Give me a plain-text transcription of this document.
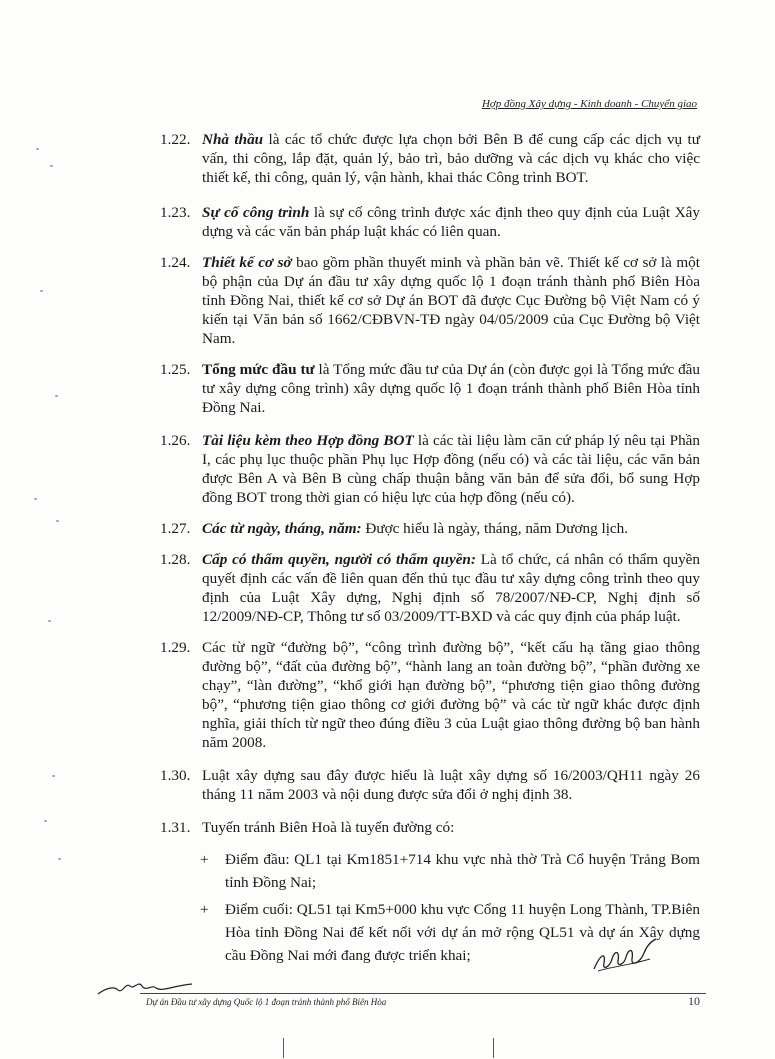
Hợp đồng Xây dựng - Kinh doanh - Chuyển giao
1.22. Nhà thầu là các tổ chức được lựa chọn bởi Bên B để cung cấp các dịch vụ tư vấn, thi công, lắp đặt, quản lý, bảo trì, bảo dưỡng và các dịch vụ khác cho việc thiết kế, thi công, quản lý, vận hành, khai thác Công trình BOT.
1.23. Sự cố công trình là sự cố công trình được xác định theo quy định của Luật Xây dựng và các văn bản pháp luật khác có liên quan.
1.24. Thiết kế cơ sở bao gồm phần thuyết minh và phần bản vẽ. Thiết kế cơ sở là một bộ phận của Dự án đầu tư xây dựng quốc lộ 1 đoạn tránh thành phố Biên Hòa tỉnh Đồng Nai, thiết kế cơ sở Dự án BOT đã được Cục Đường bộ Việt Nam có ý kiến tại Văn bản số 1662/CĐBVN-TĐ ngày 04/05/2009 của Cục Đường bộ Việt Nam.
1.25. Tổng mức đầu tư là Tổng mức đầu tư của Dự án (còn được gọi là Tổng mức đầu tư xây dựng công trình) xây dựng quốc lộ 1 đoạn tránh thành phố Biên Hòa tỉnh Đồng Nai.
1.26. Tài liệu kèm theo Hợp đồng BOT là các tài liệu làm căn cứ pháp lý nêu tại Phần I, các phụ lục thuộc phần Phụ lục Hợp đồng (nếu có) và các tài liệu, các văn bản được Bên A và Bên B cùng chấp thuận bằng văn bản để sửa đổi, bổ sung Hợp đồng BOT trong thời gian có hiệu lực của hợp đồng (nếu có).
1.27. Các từ ngày, tháng, năm: Được hiểu là ngày, tháng, năm Dương lịch.
1.28. Cấp có thẩm quyền, người có thẩm quyền: Là tổ chức, cá nhân có thẩm quyền quyết định các vấn đề liên quan đến thủ tục đầu tư xây dựng công trình theo quy định của Luật Xây dựng, Nghị định số 78/2007/NĐ-CP, Nghị định số 12/2009/NĐ-CP, Thông tư số 03/2009/TT-BXD và các quy định của pháp luật.
1.29. Các từ ngữ “đường bộ”, “công trình đường bộ”, “kết cấu hạ tầng giao thông đường bộ”, “đất của đường bộ”, “hành lang an toàn đường bộ”, “phần đường xe chạy”, “làn đường”, “khổ giới hạn đường bộ”, “phương tiện giao thông đường bộ”, “phương tiện giao thông cơ giới đường bộ” và các từ ngữ khác được định nghĩa, giải thích từ ngữ theo đúng điều 3 của Luật giao thông đường bộ ban hành năm 2008.
1.30. Luật xây dựng sau đây được hiểu là luật xây dựng số 16/2003/QH11 ngày 26 tháng 11 năm 2003 và nội dung được sửa đổi ở nghị định 38.
1.31. Tuyến tránh Biên Hoà là tuyến đường có:
+ Điểm đầu: QL1 tại Km1851+714 khu vực nhà thờ Trà Cổ huyện Trảng Bom tỉnh Đồng Nai;
+ Điểm cuối: QL51 tại Km5+000 khu vực Cổng 11 huyện Long Thành, TP.Biên Hòa tỉnh Đồng Nai để kết nối với dự án mở rộng QL51 và dự án Xây dựng cầu Đồng Nai mới đang được triển khai;
Dự án Đầu tư xây dựng Quốc lộ 1 đoạn tránh thành phố Biên Hòa	10
